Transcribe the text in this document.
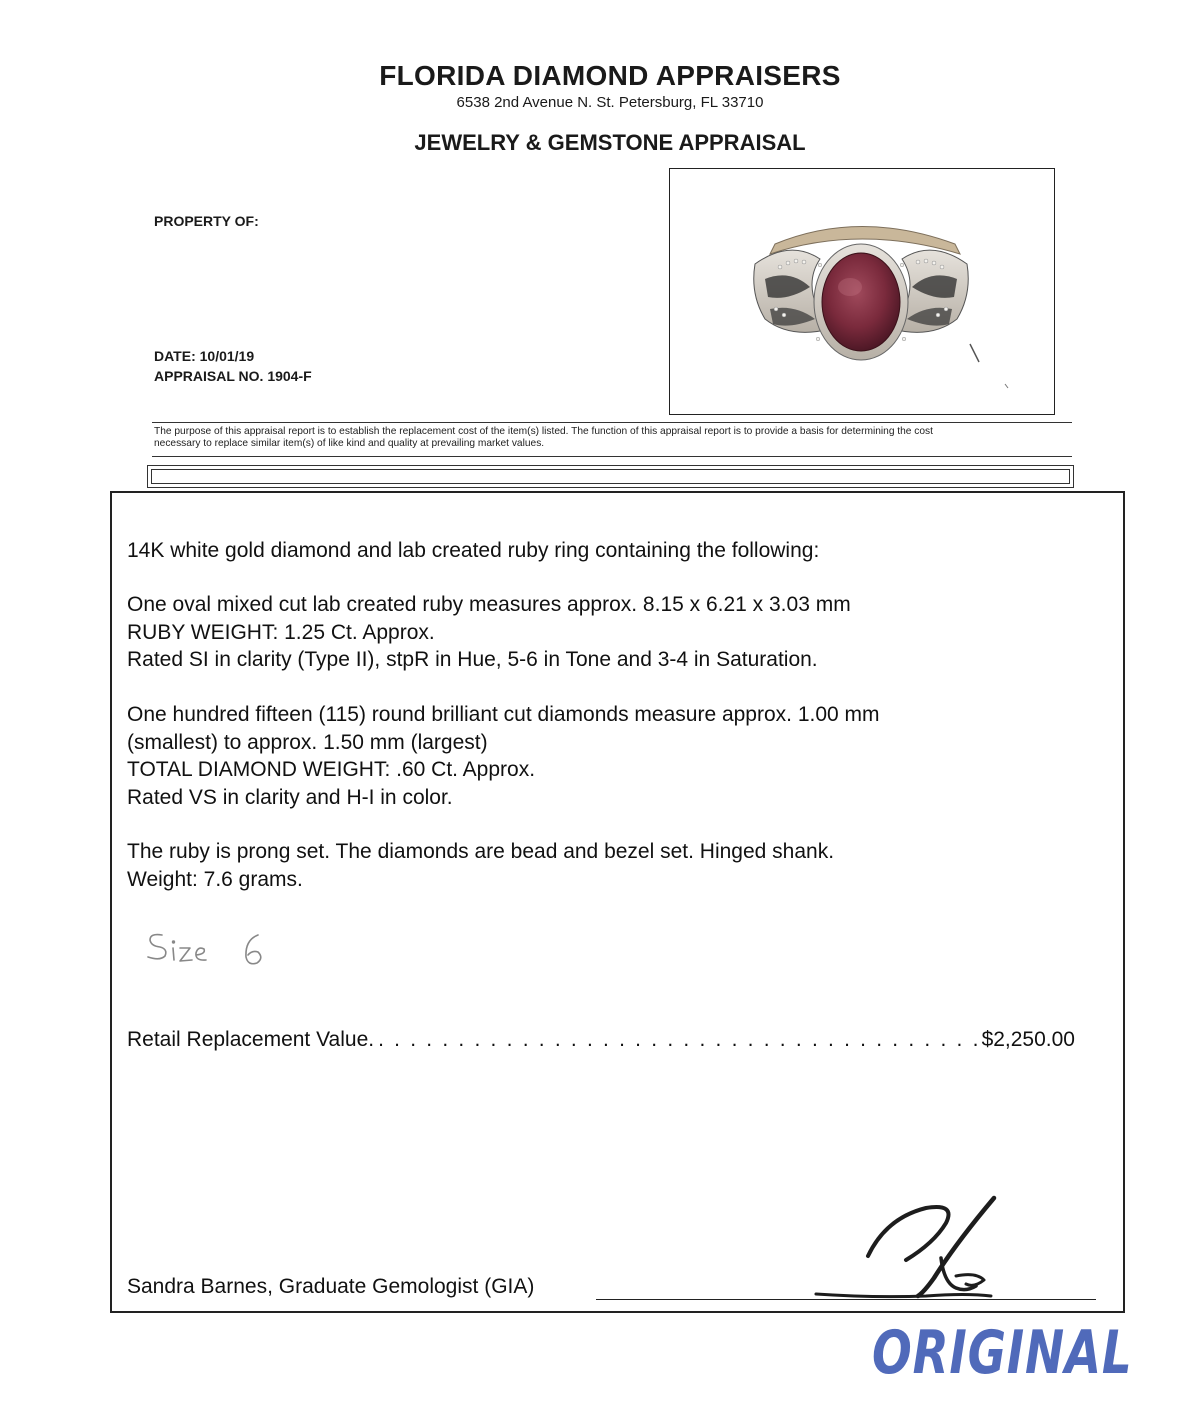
FLORIDA DIAMOND APPRAISERS
6538 2nd Avenue N. St. Petersburg, FL 33710
JEWELRY & GEMSTONE APPRAISAL
PROPERTY OF:
DATE: 10/01/19
APPRAISAL NO. 1904-F
The purpose of this appraisal report is to establish the replacement cost of the item(s) listed. The function of this appraisal report is to provide a basis for determining the cost
necessary to replace similar item(s) of like kind and quality at prevailing market values.
14K white gold diamond and lab created ruby ring containing the following:
One oval mixed cut lab created ruby measures approx. 8.15 x 6.21 x 3.03 mm
RUBY WEIGHT: 1.25 Ct. Approx.
Rated SI in clarity (Type II), stpR in Hue, 5-6 in Tone and 3-4 in Saturation.
One hundred fifteen (115) round brilliant cut diamonds measure approx. 1.00 mm
(smallest) to approx. 1.50 mm (largest)
TOTAL DIAMOND WEIGHT: .60 Ct. Approx.
Rated VS in clarity and H-I in color.
The ruby is prong set. The diamonds are bead and bezel set. Hinged shank.
Weight: 7.6 grams.
Retail Replacement Value.
. . .	$2,250.00
Sandra Barnes, Graduate Gemologist (GIA)
ORIGINAL
